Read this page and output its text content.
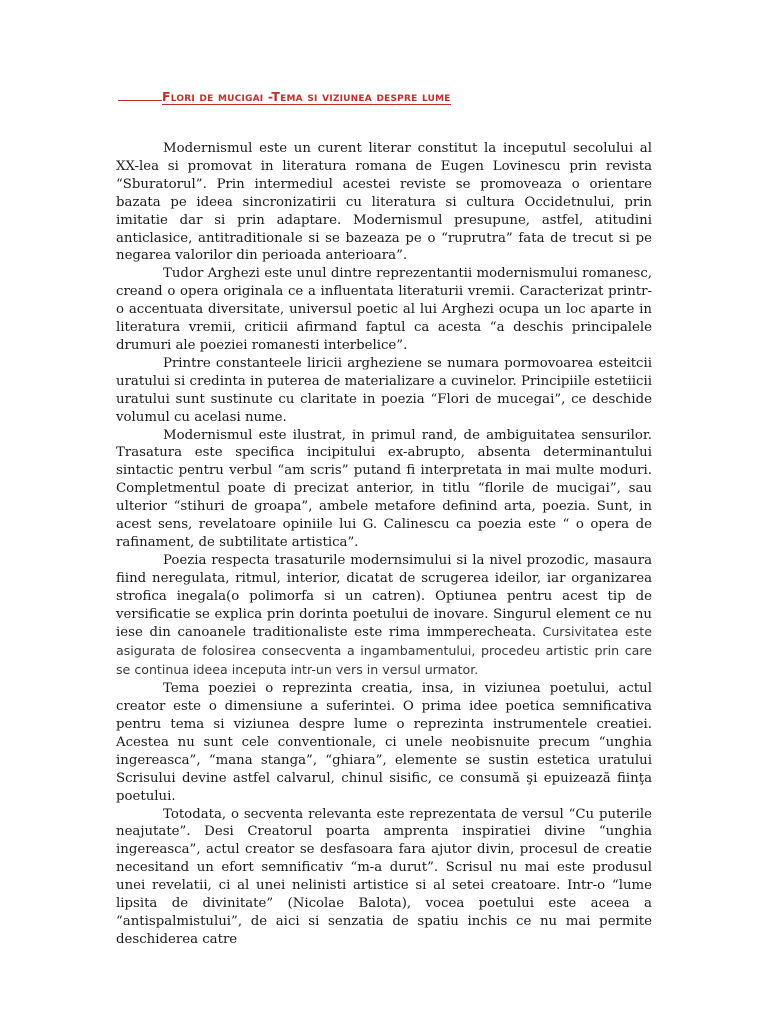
Flori de mucigai -Tema si viziunea despre lume

Modernismul este un curent literar constitut la inceputul secolului al XX-lea si promovat in literatura romana de Eugen Lovinescu prin revista “Sburatorul”. Prin intermediul acestei reviste se promoveaza o orientare bazata pe ideea sincronizatirii cu literatura si cultura Occidetnului, prin imitatie dar si prin adaptare. Modernismul presupune, astfel, atitudini anticlasice, antitraditionale si se bazeaza pe o “ruprutra” fata de trecut si pe negarea valorilor din perioada anterioara”.

Tudor Arghezi este unul dintre reprezentantii modernismului romanesc, creand o opera originala ce a influentata literaturii vremii. Caracterizat printr-o accentuata diversitate, universul poetic al lui Arghezi ocupa un loc aparte in literatura vremii, criticii afirmand faptul ca acesta “a deschis principalele drumuri ale poeziei romanesti interbelice”.

Printre constanteele liricii argheziene se numara pormovoarea esteitcii uratului si credinta in puterea de materializare a cuvinelor. Principiile estetiicii uratului sunt sustinute cu claritate in poezia “Flori de mucegai”, ce deschide volumul cu acelasi nume.

Modernismul este ilustrat, in primul rand, de ambiguitatea sensurilor. Trasatura este specifica incipitului ex-abrupto, absenta determinantului sintactic pentru verbul “am scris” putand fi interpretata in mai multe moduri. Completmentul poate di precizat anterior, in titlu “florile de mucigai”, sau ulterior “stihuri de groapa”, ambele metafore definind arta, poezia. Sunt, in acest sens, revelatoare opiniile lui G. Calinescu ca poezia este “ o opera de rafinament, de subtilitate artistica”.

Poezia respecta trasaturile modernsimului si la nivel prozodic, masaura fiind neregulata, ritmul, interior, dicatat de scrugerea ideilor, iar organizarea strofica inegala(o polimorfa si un catren). Optiunea pentru acest tip de versificatie se explica prin dorinta poetului de inovare. Singurul element ce nu iese din canoanele traditionaliste este rima immperecheata. Cursivitatea este asigurata de folosirea consecventa a ingambamentului, procedeu artistic prin care se continua ideea inceputa intr-un vers in versul urmator.

Tema poeziei o reprezinta creatia, insa, in viziunea poetului, actul creator este o dimensiune a suferintei. O prima idee poetica semnificativa pentru tema si viziunea despre lume o reprezinta instrumentele creatiei. Acestea nu sunt cele conventionale, ci unele neobisnuite precum “unghia ingereasca”, “mana stanga”, “ghiara”, elemente se sustin estetica uratului Scrisului devine astfel calvarul, chinul sisific, ce consumă şi epuizează fiinţa poetului.

Totodata, o secventa relevanta este reprezentata de versul “Cu puterile neajutate”. Desi Creatorul poarta amprenta inspiratiei divine “unghia ingereasca”, actul creator se desfasoara fara ajutor divin, procesul de creatie necesitand un efort semnificativ “m-a durut”. Scrisul nu mai este produsul unei revelatii, ci al unei nelinisti artistice si al setei creatoare. Intr-o “lume lipsita de divinitate” (Nicolae Balota), vocea poetului este aceea a “antispalmistului”, de aici si senzatia de spatiu inchis ce nu mai permite deschiderea catre
